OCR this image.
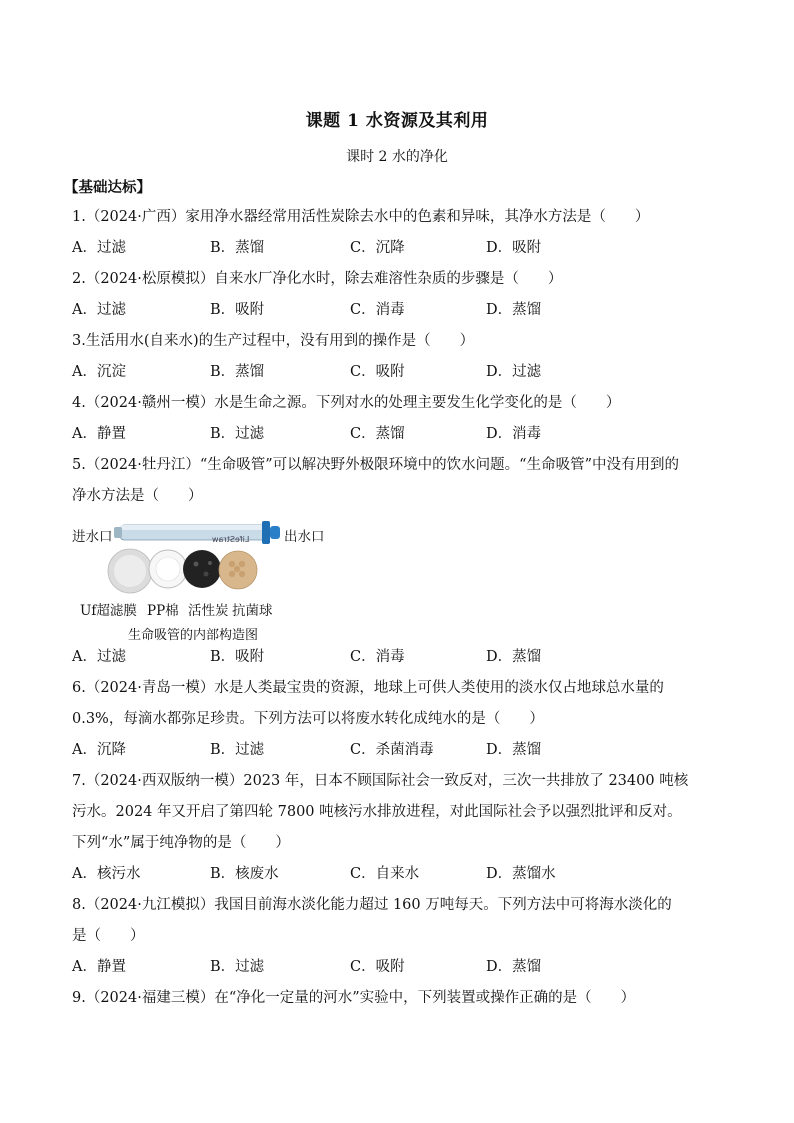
课题 1 水资源及其利用
课时 2 水的净化
【基础达标】
1.（2024·广西）家用净水器经常用活性炭除去水中的色素和异味，其净水方法是（　　）
A．过滤	B．蒸馏	C．沉降	D．吸附
2.（2024·松原模拟）自来水厂净化水时，除去难溶性杂质的步骤是（　　）
A．过滤	B．吸附	C．消毒	D．蒸馏
3.生活用水(自来水)的生产过程中，没有用到的操作是（　　）
A．沉淀	B．蒸馏	C．吸附	D．过滤
4.（2024·赣州一模）水是生命之源。下列对水的处理主要发生化学变化的是（　　）
A．静置	B．过滤	C．蒸馏	D．消毒
5.（2024·牡丹江）“生命吸管”可以解决野外极限环境中的饮水问题。“生命吸管”中没有用到的
净水方法是（　　）
进水口	出水口
LifeStraw
Uf超滤膜 PP棉 活性炭 抗菌球
生命吸管的内部构造图
A．过滤	B．吸附	C．消毒	D．蒸馏
6.（2024·青岛一模）水是人类最宝贵的资源，地球上可供人类使用的淡水仅占地球总水量的
0.3%，每滴水都弥足珍贵。下列方法可以将废水转化成纯水的是（　　）
A．沉降	B．过滤	C．杀菌消毒	D．蒸馏
7.（2024·西双版纳一模）2023 年，日本不顾国际社会一致反对，三次一共排放了 23400 吨核
污水。2024 年又开启了第四轮 7800 吨核污水排放进程，对此国际社会予以强烈批评和反对。
下列“水”属于纯净物的是（　　）
A．核污水	B．核废水	C．自来水	D．蒸馏水
8.（2024·九江模拟）我国目前海水淡化能力超过 160 万吨每天。下列方法中可将海水淡化的
是（　　）
A．静置	B．过滤	C．吸附	D．蒸馏
9.（2024·福建三模）在“净化一定量的河水”实验中，下列装置或操作正确的是（　　）
